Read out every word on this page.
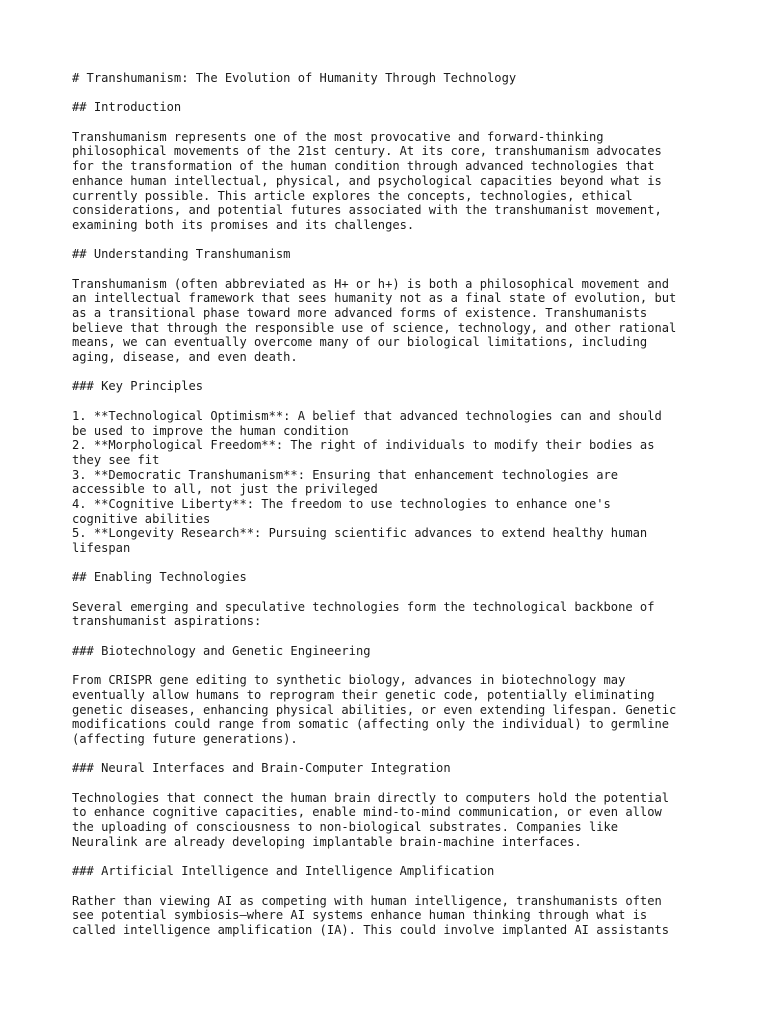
# Transhumanism: The Evolution of Humanity Through Technology
## Introduction
Transhumanism represents one of the most provocative and forward-thinking
philosophical movements of the 21st century. At its core, transhumanism advocates
for the transformation of the human condition through advanced technologies that
enhance human intellectual, physical, and psychological capacities beyond what is
currently possible. This article explores the concepts, technologies, ethical
considerations, and potential futures associated with the transhumanist movement,
examining both its promises and its challenges.
## Understanding Transhumanism
Transhumanism (often abbreviated as H+ or h+) is both a philosophical movement and
an intellectual framework that sees humanity not as a final state of evolution, but
as a transitional phase toward more advanced forms of existence. Transhumanists
believe that through the responsible use of science, technology, and other rational
means, we can eventually overcome many of our biological limitations, including
aging, disease, and even death.
### Key Principles
1. **Technological Optimism**: A belief that advanced technologies can and should
be used to improve the human condition
2. **Morphological Freedom**: The right of individuals to modify their bodies as
they see fit
3. **Democratic Transhumanism**: Ensuring that enhancement technologies are
accessible to all, not just the privileged
4. **Cognitive Liberty**: The freedom to use technologies to enhance one's
cognitive abilities
5. **Longevity Research**: Pursuing scientific advances to extend healthy human
lifespan
## Enabling Technologies
Several emerging and speculative technologies form the technological backbone of
transhumanist aspirations:
### Biotechnology and Genetic Engineering
From CRISPR gene editing to synthetic biology, advances in biotechnology may
eventually allow humans to reprogram their genetic code, potentially eliminating
genetic diseases, enhancing physical abilities, or even extending lifespan. Genetic
modifications could range from somatic (affecting only the individual) to germline
(affecting future generations).
### Neural Interfaces and Brain-Computer Integration
Technologies that connect the human brain directly to computers hold the potential
to enhance cognitive capacities, enable mind-to-mind communication, or even allow
the uploading of consciousness to non-biological substrates. Companies like
Neuralink are already developing implantable brain-machine interfaces.
### Artificial Intelligence and Intelligence Amplification
Rather than viewing AI as competing with human intelligence, transhumanists often
see potential symbiosis—where AI systems enhance human thinking through what is
called intelligence amplification (IA). This could involve implanted AI assistants
